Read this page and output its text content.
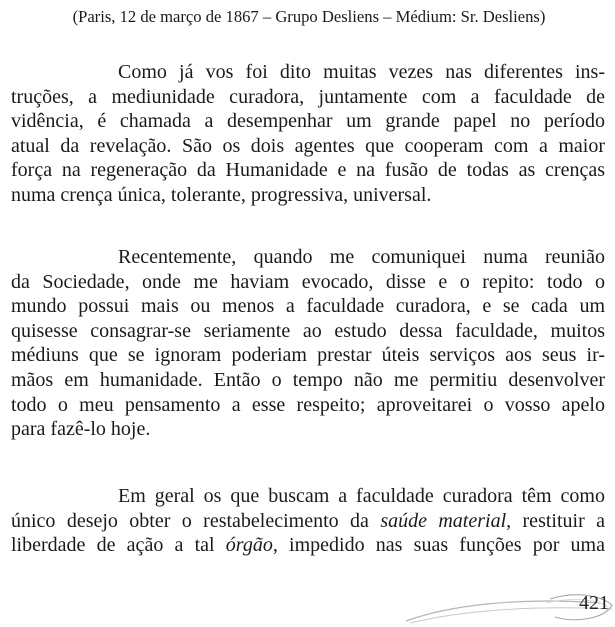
(Paris, 12 de março de 1867 – Grupo Desliens – Médium: Sr. Desliens)

Como já vos foi dito muitas vezes nas diferentes ins-
truções, a mediunidade curadora, juntamente com a faculdade de
vidência, é chamada a desempenhar um grande papel no período
atual da revelação. São os dois agentes que cooperam com a maior
força na regeneração da Humanidade e na fusão de todas as crenças
numa crença única, tolerante, progressiva, universal.

Recentemente, quando me comuniquei numa reunião
da Sociedade, onde me haviam evocado, disse e o repito: todo o
mundo possui mais ou menos a faculdade curadora, e se cada um
quisesse consagrar-se seriamente ao estudo dessa faculdade, muitos
médiuns que se ignoram poderiam prestar úteis serviços aos seus ir-
mãos em humanidade. Então o tempo não me permitiu desenvolver
todo o meu pensamento a esse respeito; aproveitarei o vosso apelo
para fazê-lo hoje.

Em geral os que buscam a faculdade curadora têm como
único desejo obter o restabelecimento da saúde material, restituir a
liberdade de ação a tal órgão, impedido nas suas funções por uma

421
